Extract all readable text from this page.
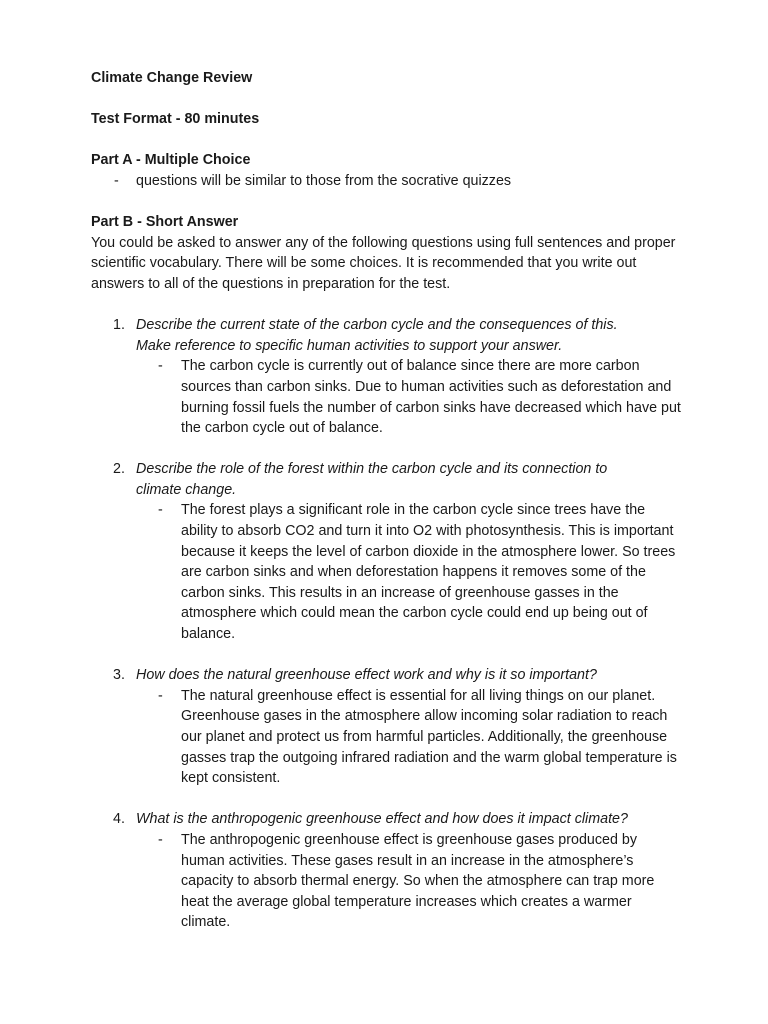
Climate Change Review

Test Format - 80 minutes

Part A - Multiple Choice

- questions will be similar to those from the socrative quizzes

Part B - Short Answer

You could be asked to answer any of the following questions using full sentences and proper scientific vocabulary. There will be some choices. It is recommended that you write out answers to all of the questions in preparation for the test.

1. Describe the current state of the carbon cycle and the consequences of this. Make reference to specific human activities to support your answer.

- The carbon cycle is currently out of balance since there are more carbon sources than carbon sinks. Due to human activities such as deforestation and burning fossil fuels the number of carbon sinks have decreased which have put the carbon cycle out of balance.

2. Describe the role of the forest within the carbon cycle and its connection to climate change.

- The forest plays a significant role in the carbon cycle since trees have the ability to absorb CO2 and turn it into O2 with photosynthesis. This is important because it keeps the level of carbon dioxide in the atmosphere lower. So trees are carbon sinks and when deforestation happens it removes some of the carbon sinks. This results in an increase of greenhouse gasses in the atmosphere which could mean the carbon cycle could end up being out of balance.

3. How does the natural greenhouse effect work and why is it so important?

- The natural greenhouse effect is essential for all living things on our planet. Greenhouse gases in the atmosphere allow incoming solar radiation to reach our planet and protect us from harmful particles. Additionally, the greenhouse gasses trap the outgoing infrared radiation and the warm global temperature is kept consistent.

4. What is the anthropogenic greenhouse effect and how does it impact climate?

- The anthropogenic greenhouse effect is greenhouse gases produced by human activities. These gases result in an increase in the atmosphere’s capacity to absorb thermal energy. So when the atmosphere can trap more heat the average global temperature increases which creates a warmer climate.
